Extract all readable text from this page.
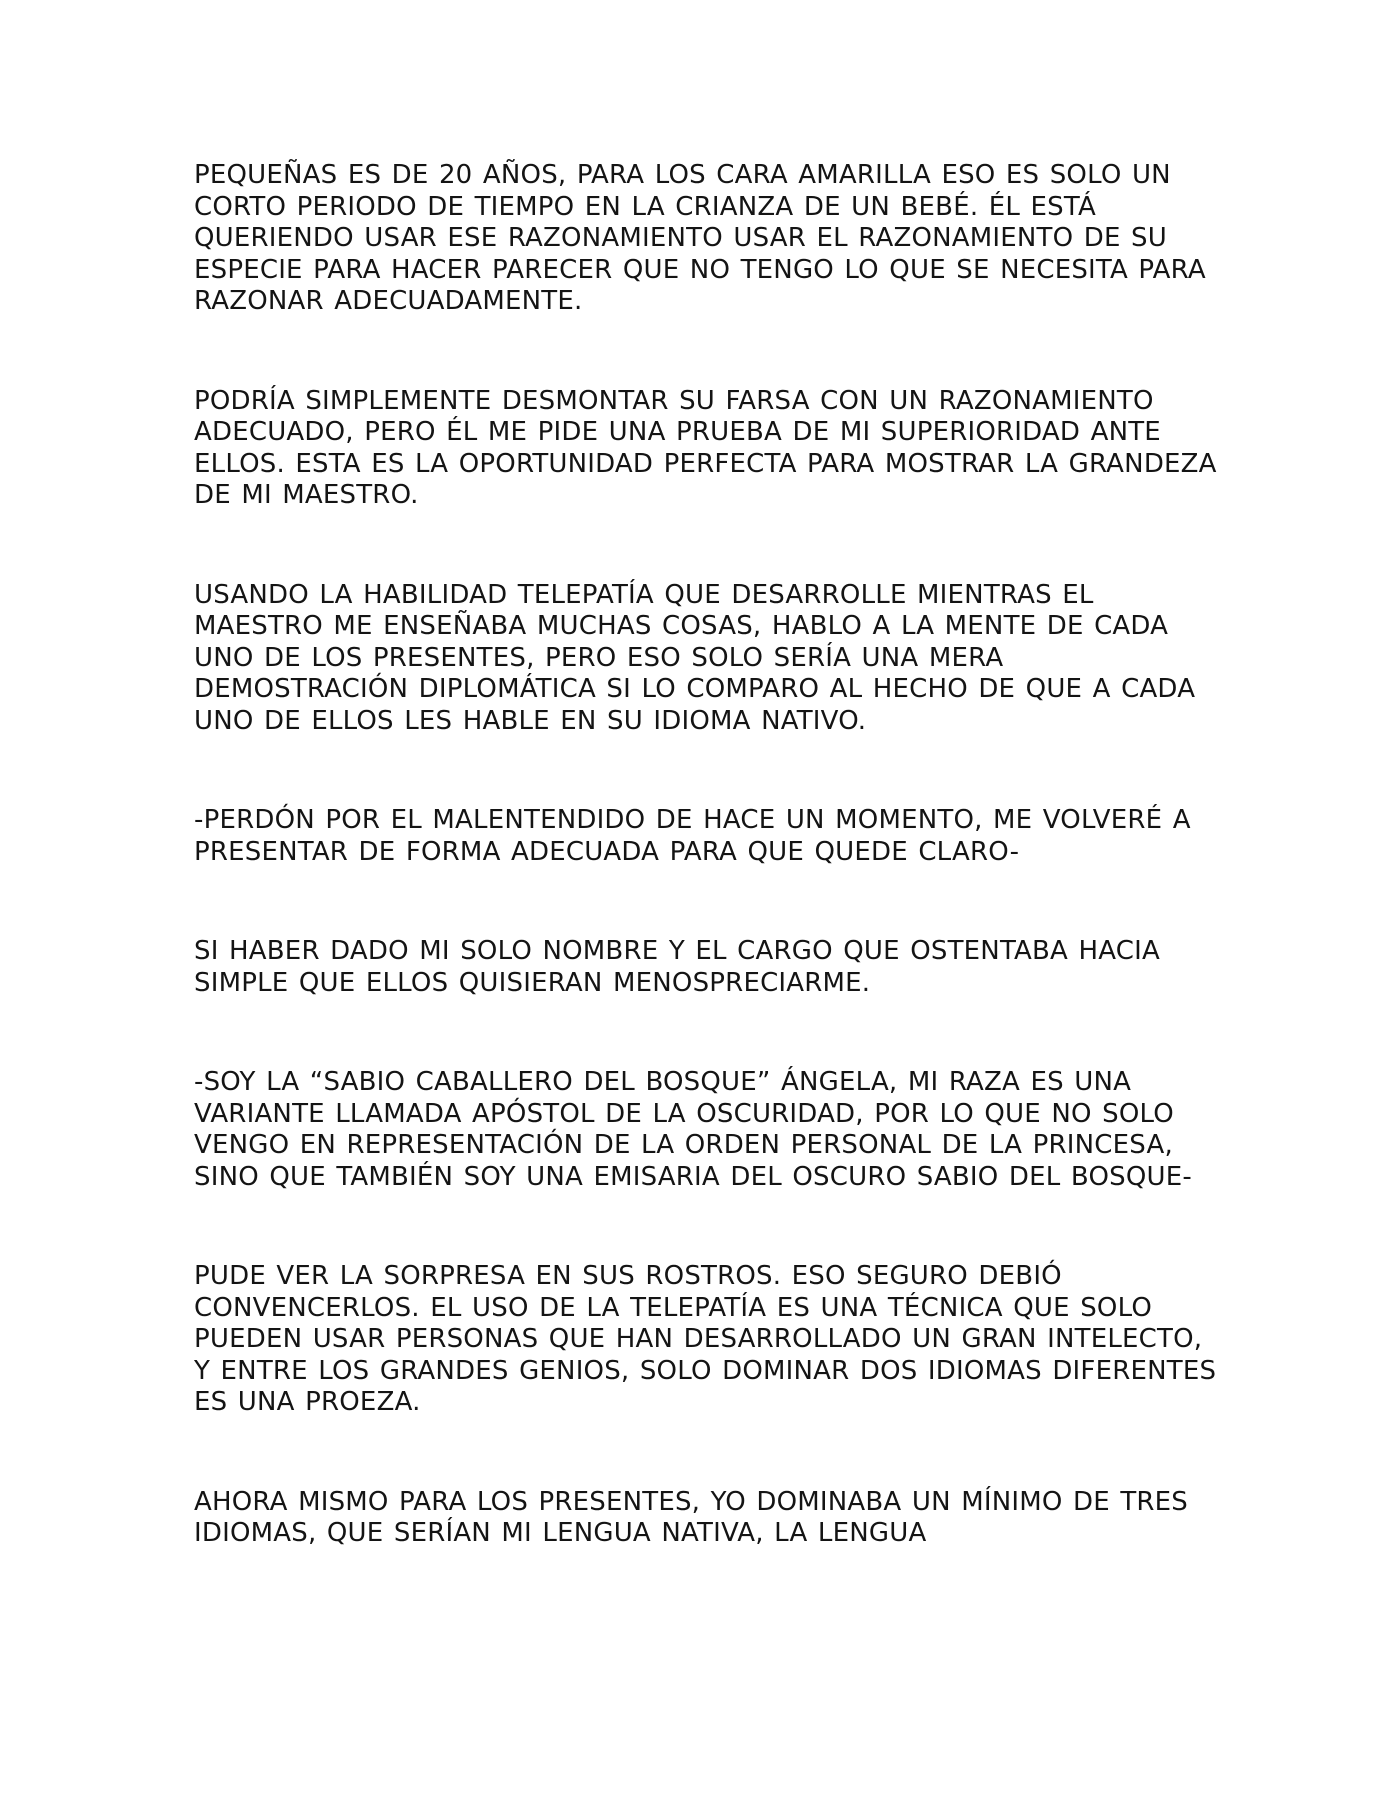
PEQUEÑAS ES DE 20 AÑOS, PARA LOS CARA AMARILLA ESO ES SOLO UN CORTO PERIODO DE TIEMPO EN LA CRIANZA DE UN BEBÉ. ÉL ESTÁ QUERIENDO USAR ESE RAZONAMIENTO USAR EL RAZONAMIENTO DE SU ESPECIE PARA HACER PARECER QUE NO TENGO LO QUE SE NECESITA PARA RAZONAR ADECUADAMENTE.

PODRÍA SIMPLEMENTE DESMONTAR SU FARSA CON UN RAZONAMIENTO ADECUADO, PERO ÉL ME PIDE UNA PRUEBA DE MI SUPERIORIDAD ANTE ELLOS. ESTA ES LA OPORTUNIDAD PERFECTA PARA MOSTRAR LA GRANDEZA DE MI MAESTRO.

USANDO LA HABILIDAD TELEPATÍA QUE DESARROLLE MIENTRAS EL MAESTRO ME ENSEÑABA MUCHAS COSAS, HABLO A LA MENTE DE CADA UNO DE LOS PRESENTES, PERO ESO SOLO SERÍA UNA MERA DEMOSTRACIÓN DIPLOMÁTICA SI LO COMPARO AL HECHO DE QUE A CADA UNO DE ELLOS LES HABLE EN SU IDIOMA NATIVO.

-PERDÓN POR EL MALENTENDIDO DE HACE UN MOMENTO, ME VOLVERÉ A PRESENTAR DE FORMA ADECUADA PARA QUE QUEDE CLARO-

SI HABER DADO MI SOLO NOMBRE Y EL CARGO QUE OSTENTABA HACIA SIMPLE QUE ELLOS QUISIERAN MENOSPRECIARME.

-SOY LA “SABIO CABALLERO DEL BOSQUE” ÁNGELA, MI RAZA ES UNA VARIANTE LLAMADA APÓSTOL DE LA OSCURIDAD, POR LO QUE NO SOLO VENGO EN REPRESENTACIÓN DE LA ORDEN PERSONAL DE LA PRINCESA, SINO QUE TAMBIÉN SOY UNA EMISARIA DEL OSCURO SABIO DEL BOSQUE-

PUDE VER LA SORPRESA EN SUS ROSTROS. ESO SEGURO DEBIÓ CONVENCERLOS. EL USO DE LA TELEPATÍA ES UNA TÉCNICA QUE SOLO PUEDEN USAR PERSONAS QUE HAN DESARROLLADO UN GRAN INTELECTO, Y ENTRE LOS GRANDES GENIOS, SOLO DOMINAR DOS IDIOMAS DIFERENTES ES UNA PROEZA.

AHORA MISMO PARA LOS PRESENTES, YO DOMINABA UN MÍNIMO DE TRES IDIOMAS, QUE SERÍAN MI LENGUA NATIVA, LA LENGUA
